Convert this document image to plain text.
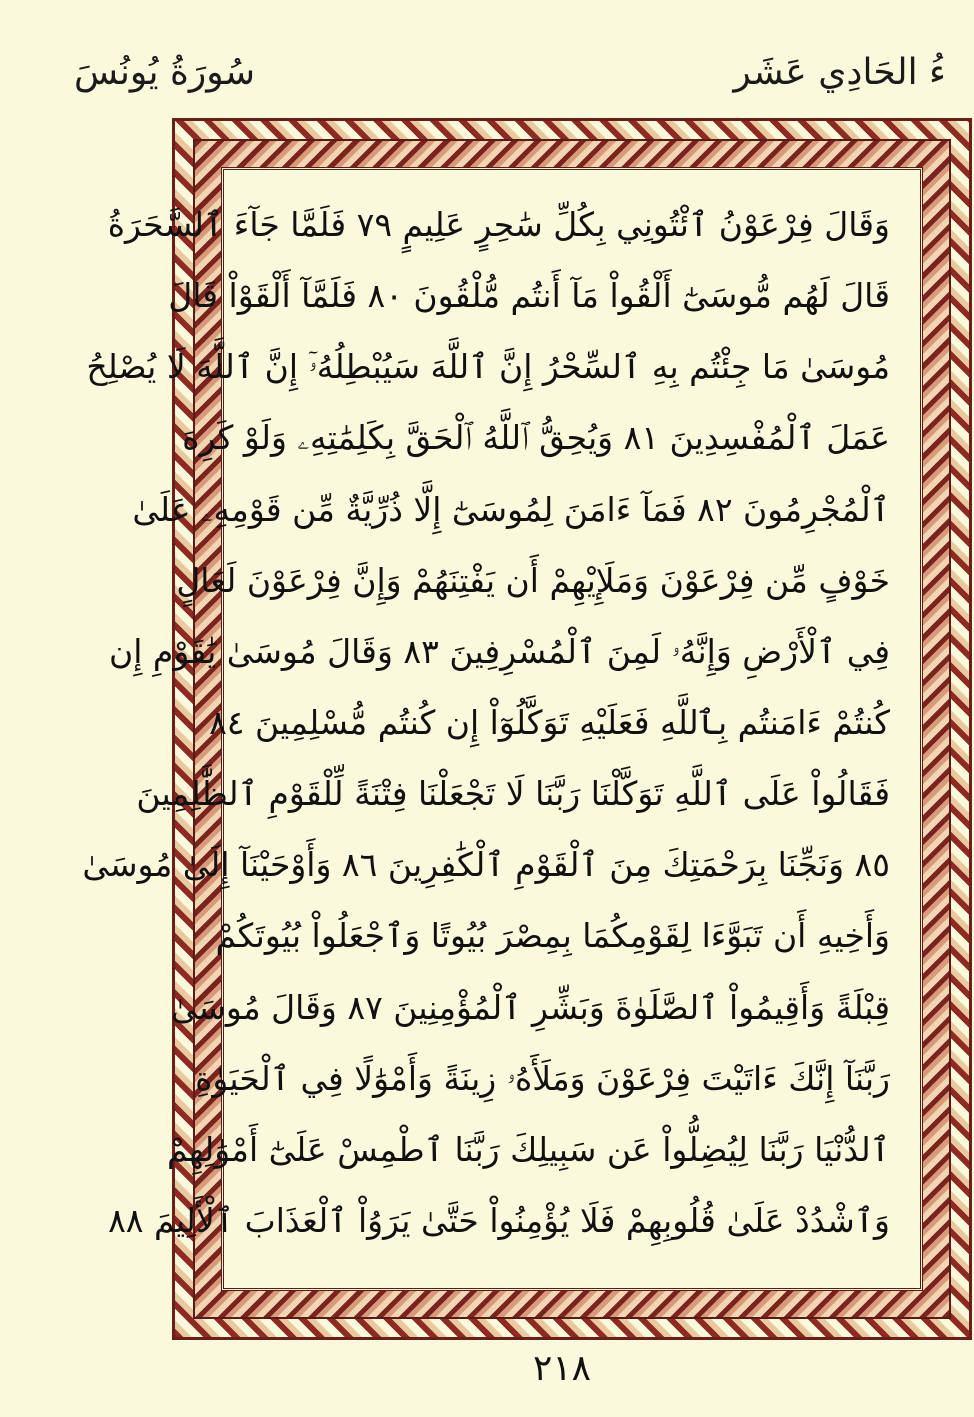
سُورَةُ يُونُسَ	ءُ الحَادِي عَشَر
وَقَالَ فِرْعَوْنُ ٱئْتُونِي بِكُلِّ سَٰحِرٍ عَلِيمٍ ٧٩ فَلَمَّا جَآءَ ٱلسَّحَرَةُ
قَالَ لَهُم مُّوسَىٰٓ أَلْقُواْ مَآ أَنتُم مُّلْقُونَ ٨٠ فَلَمَّآ أَلْقَوْاْ قَالَ
مُوسَىٰ مَا جِئْتُم بِهِ ٱلسِّحْرُ إِنَّ ٱللَّهَ سَيُبْطِلُهُۥٓ إِنَّ ٱللَّهَ لَا يُصْلِحُ
عَمَلَ ٱلْمُفْسِدِينَ ٨١ وَيُحِقُّ ٱللَّهُ ٱلْحَقَّ بِكَلِمَٰتِهِۦ وَلَوْ كَرِهَ
ٱلْمُجْرِمُونَ ٨٢ فَمَآ ءَامَنَ لِمُوسَىٰٓ إِلَّا ذُرِّيَّةٌ مِّن قَوْمِهِۦ عَلَىٰ
خَوْفٍ مِّن فِرْعَوْنَ وَمَلَإِيْهِمْ أَن يَفْتِنَهُمْ وَإِنَّ فِرْعَوْنَ لَعَالٍ
فِي ٱلْأَرْضِ وَإِنَّهُۥ لَمِنَ ٱلْمُسْرِفِينَ ٨٣ وَقَالَ مُوسَىٰ يَٰقَوْمِ إِن
كُنتُمْ ءَامَنتُم بِٱللَّهِ فَعَلَيْهِ تَوَكَّلُوٓاْ إِن كُنتُم مُّسْلِمِينَ ٨٤
فَقَالُواْ عَلَى ٱللَّهِ تَوَكَّلْنَا رَبَّنَا لَا تَجْعَلْنَا فِتْنَةً لِّلْقَوْمِ ٱلظَّٰلِمِينَ
٨٥ وَنَجِّنَا بِرَحْمَتِكَ مِنَ ٱلْقَوْمِ ٱلْكَٰفِرِينَ ٨٦ وَأَوْحَيْنَآ إِلَىٰ مُوسَىٰ
وَأَخِيهِ أَن تَبَوَّءَا لِقَوْمِكُمَا بِمِصْرَ بُيُوتًا وَٱجْعَلُواْ بُيُوتَكُمْ
قِبْلَةً وَأَقِيمُواْ ٱلصَّلَوٰةَ وَبَشِّرِ ٱلْمُؤْمِنِينَ ٨٧ وَقَالَ مُوسَىٰ
رَبَّنَآ إِنَّكَ ءَاتَيْتَ فِرْعَوْنَ وَمَلَأَهُۥ زِينَةً وَأَمْوَٰلًا فِي ٱلْحَيَوٰةِ
ٱلدُّنْيَا رَبَّنَا لِيُضِلُّواْ عَن سَبِيلِكَ رَبَّنَا ٱطْمِسْ عَلَىٰٓ أَمْوَٰلِهِمْ
وَٱشْدُدْ عَلَىٰ قُلُوبِهِمْ فَلَا يُؤْمِنُواْ حَتَّىٰ يَرَوُاْ ٱلْعَذَابَ ٱلْأَلِيمَ ٨٨
٢١٨
